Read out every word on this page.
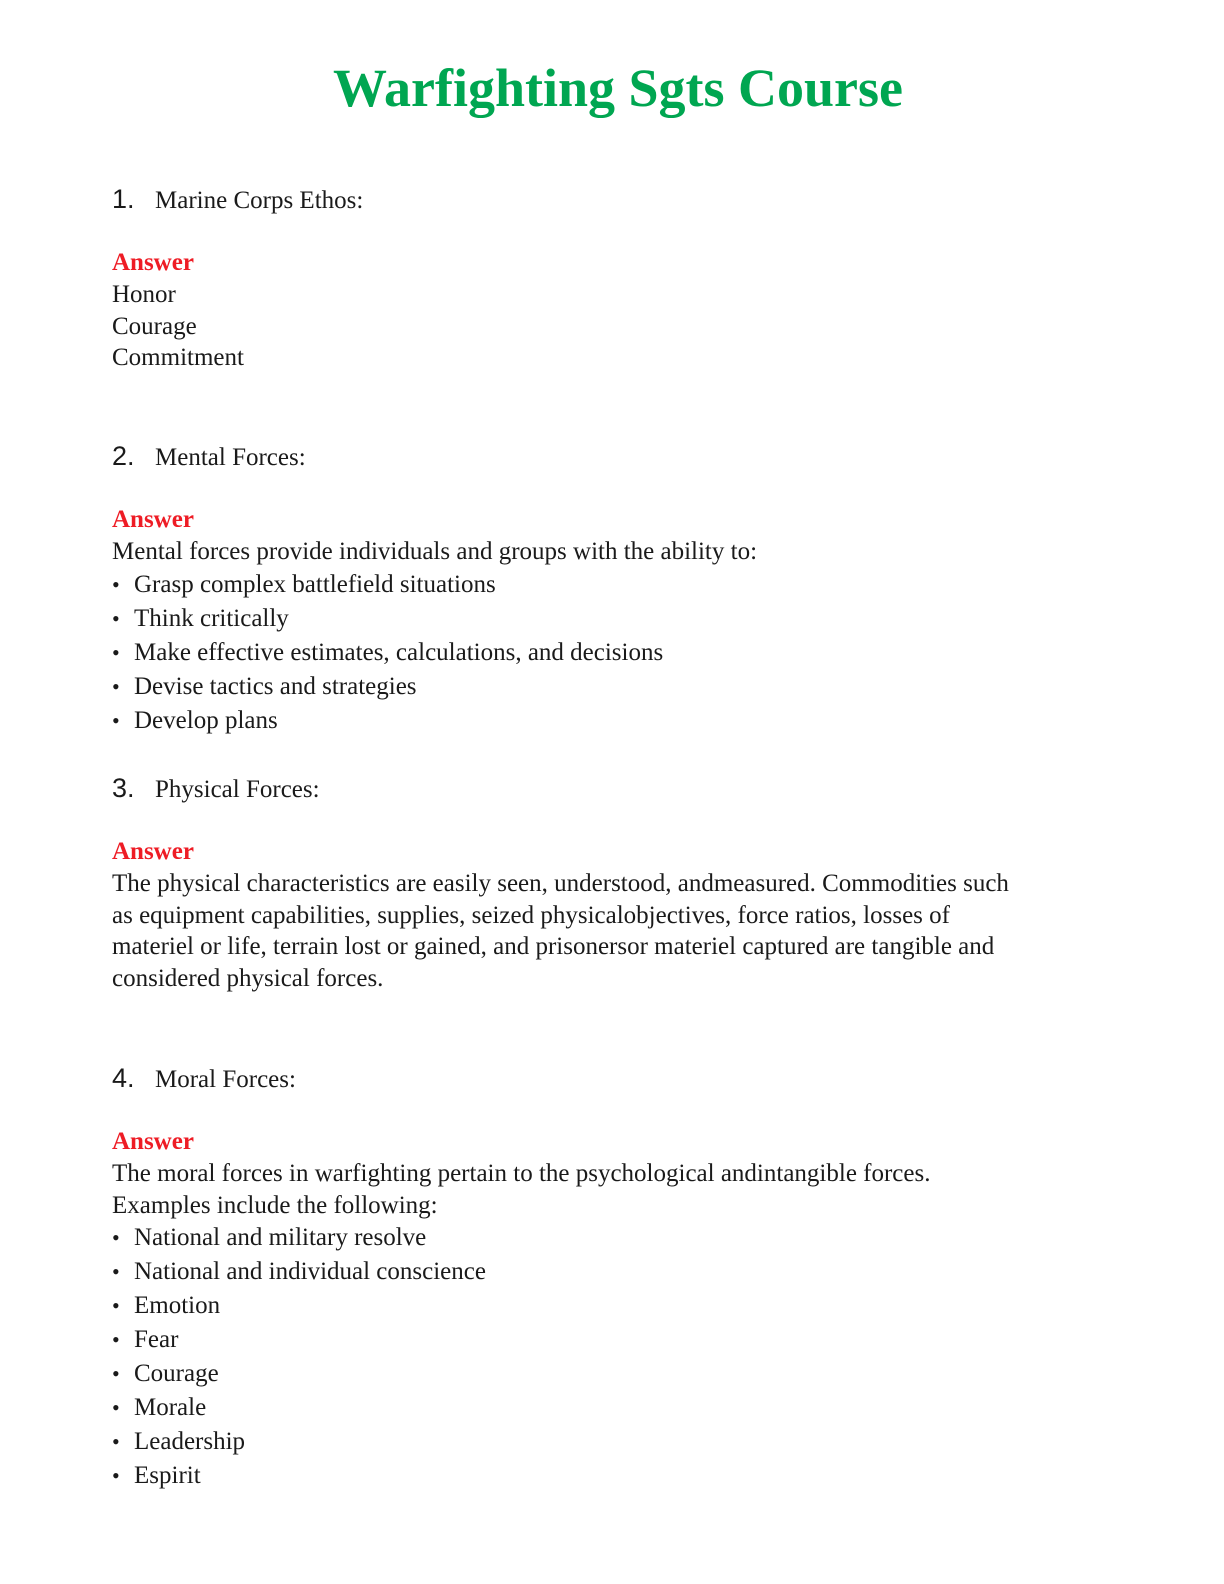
Warfighting Sgts Course
1. Marine Corps Ethos:
Answer
Honor
Courage
Commitment
2. Mental Forces:
Answer
Mental forces provide individuals and groups with the ability to:
• Grasp complex battlefield situations
• Think critically
• Make effective estimates, calculations, and decisions
• Devise tactics and strategies
• Develop plans
3. Physical Forces:
Answer
The physical characteristics are easily seen, understood, andmeasured. Commodities such
as equipment capabilities, supplies, seized physicalobjectives, force ratios, losses of
materiel or life, terrain lost or gained, and prisonersor materiel captured are tangible and
considered physical forces.
4. Moral Forces:
Answer
The moral forces in warfighting pertain to the psychological andintangible forces.
Examples include the following:
• National and military resolve
• National and individual conscience
• Emotion
• Fear
• Courage
• Morale
• Leadership
• Espirit
